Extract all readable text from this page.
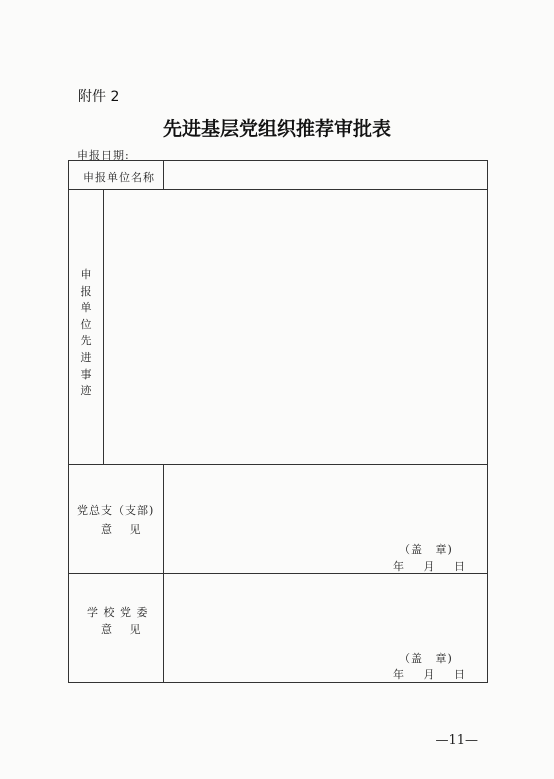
附件 2
先进基层党组织推荐审批表
申报日期:
申报单位名称
申报单位先进事迹
党总支（支部)
意 见
（盖 章)
年 月 日
学 校 党 委
意 见
（盖 章)
年 月 日
—11—
